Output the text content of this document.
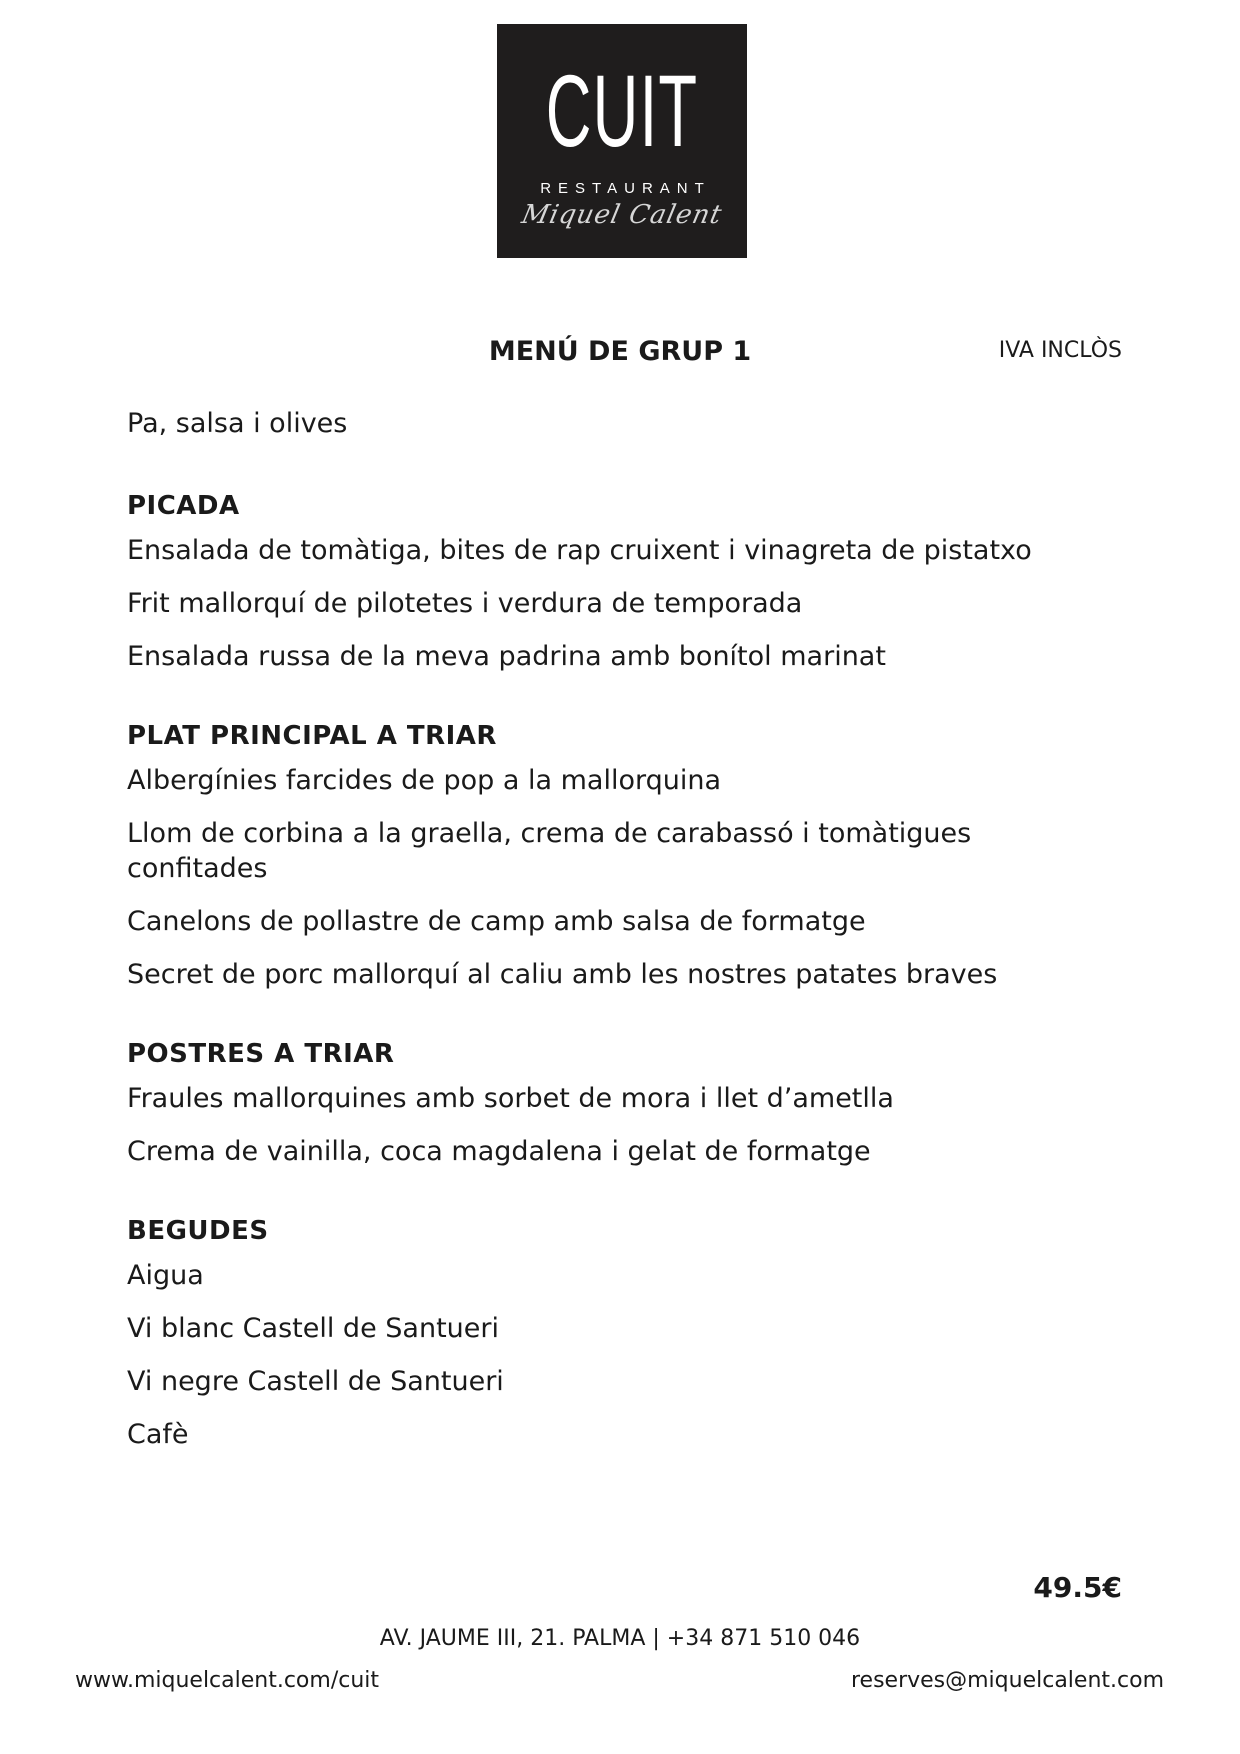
CUIT
RESTAURANT
Miquel Calent
MENÚ DE GRUP 1	IVA INCLÒS

Pa, salsa i olives

PICADA
Ensalada de tomàtiga, bites de rap cruixent i vinagreta de pistatxo
Frit mallorquí de pilotetes i verdura de temporada
Ensalada russa de la meva padrina amb bonítol marinat
PLAT PRINCIPAL A TRIAR
Albergínies farcides de pop a la mallorquina
Llom de corbina a la graella, crema de carabassó i tomàtigues confitades
Canelons de pollastre de camp amb salsa de formatge
Secret de porc mallorquí al caliu amb les nostres patates braves
POSTRES A TRIAR
Fraules mallorquines amb sorbet de mora i llet d’ametlla
Crema de vainilla, coca magdalena i gelat de formatge
BEGUDES
Aigua
Vi blanc Castell de Santueri
Vi negre Castell de Santueri
Cafè
49.5€
AV. JAUME III, 21. PALMA | +34 871 510 046
www.miquelcalent.com/cuit	reserves@miquelcalent.com
